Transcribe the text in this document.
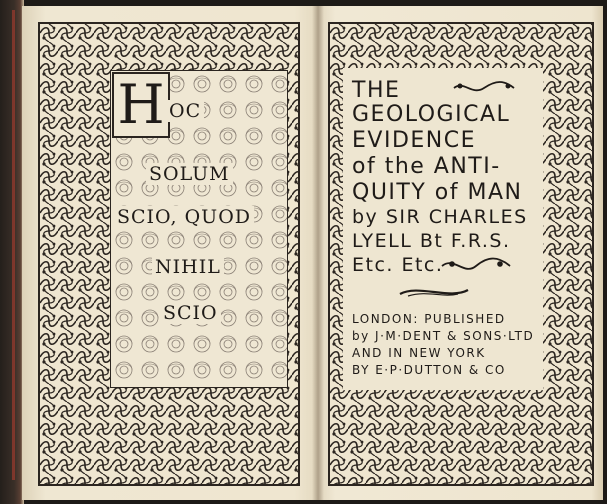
H OC
SOLUM
SCIO, QUOD
NIHIL
SCIO
THE
GEOLOGICAL
EVIDENCE
of the ANTI-
QUITY of MAN
by SIR CHARLES
LYELL Bt F.R.S.
Etc. Etc.
LONDON: PUBLISHED
by J·M·DENT & SONS·LTD
AND IN NEW YORK
BY E·P·DUTTON & CO
